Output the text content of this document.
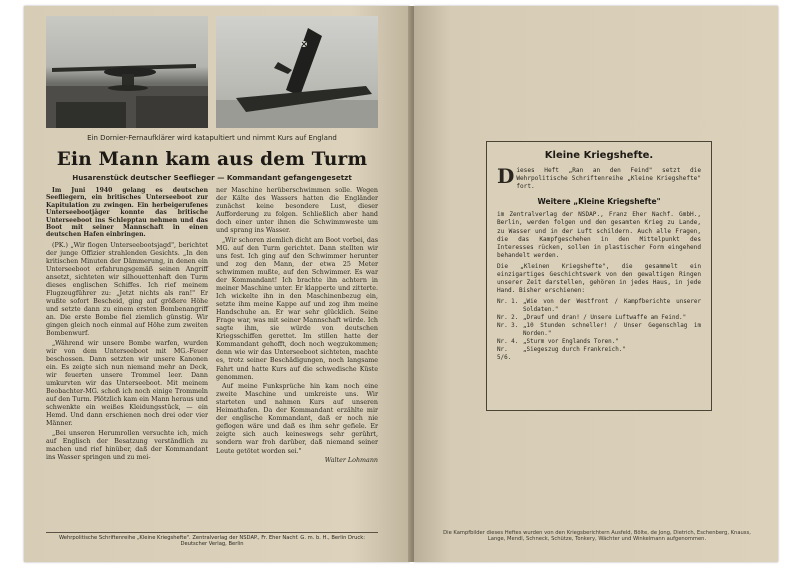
Ein Dornier-Fernaufklärer wird katapultiert und nimmt Kurs auf England
Ein Mann kam aus dem Turm
Husarenstück deutscher Seeflieger — Kommandant gefangengesetzt

Im Juni 1940 gelang es deutschen Seefliegern, ein britisches Unterseeboot zur Kapitulation zu zwingen. Ein herbeigerufenes Unterseebootjäger konnte das britische Unterseeboot ins Schlepptau nehmen und das Boot mit seiner Mannschaft in einen deutschen Hafen einbringen.

(PK.) „Wir flogen Unterseebootsjagd", berichtet der junge Offizier strahlenden Gesichts. „In den kritischen Minuten der Dämmerung, in denen ein Unterseeboot erfahrungsgemäß seinen Angriff ansetzt, sichteten wir silhouettenhaft den Turm dieses englischen Schiffes. Ich rief meinem Flugzeugführer zu: „Jetzt nichts als ran!" Er wußte sofort Bescheid, ging auf größere Höhe und setzte dann zu einem ersten Bombenangriff an. Die erste Bombe fiel ziemlich günstig. Wir gingen gleich noch einmal auf Höhe zum zweiten Bombenwurf.

„Während wir unsere Bombe warfen, wurden wir von dem Unterseeboot mit MG.-Feuer beschossen. Dann setzten wir unsere Kanonen ein. Es zeigte sich nun niemand mehr an Deck, wir feuerten unsere Trommel leer. Dann umkurvten wir das Unterseeboot. Mit meinem Beobachter-MG. schoß ich noch einige Trommeln auf den Turm. Plötzlich kam ein Mann heraus und schwenkte ein weißes Kleidungsstück, — ein Hemd. Und dann erschienen noch drei oder vier Männer.

„Bei unseren Herumrollen versuchte ich, mich auf Englisch der Besatzung verständlich zu machen und rief hinüber, daß der Kommandant ins Wasser springen und zu mei-

ner Maschine herüberschwimmen solle. Wegen der Kälte des Wassers hatten die Engländer zunächst keine besondere Lust, dieser Aufforderung zu folgen. Schließlich aber hand doch einer unter ihnen die Schwimmweste um und sprang ins Wasser.

„Wir schoren ziemlich dicht am Boot vorbei, das MG. auf den Turm gerichtet. Dann stellten wir uns fest. Ich ging auf den Schwimmer herunter und zog den Mann, der etwa 25 Meter schwimmen mußte, auf den Schwimmer. Es war der Kommandant! Ich brachte ihn achtern in meiner Maschine unter. Er klapperte und zitterte. Ich wickelte ihn in den Maschinenbezug ein, setzte ihm meine Kappe auf und zog ihm meine Handschuhe an. Er war sehr glücklich. Seine Frage war, was mit seiner Mannschaft würde. Ich sagte ihm, sie würde von deutschen Kriegsschiffen gerettet. Im stillen hatte der Kommandant gehofft, doch noch wegzukommen; denn wie wir das Unterseeboot sichteten, machte es, trotz seiner Beschädigungen, noch langsame Fahrt und hatte Kurs auf die schwedische Küste genommen.

Auf meine Funksprüche hin kam noch eine zweite Maschine und umkreiste uns. Wir starteten und nahmen Kurs auf unseren Heimathafen. Da der Kommandant erzählte mir der englische Kommandant, daß er noch nie geflogen wäre und daß es ihm sehr gefiele. Er zeigte sich auch keineswegs sehr gerührt, sondern war froh darüber, daß niemand seiner Leute getötet worden sei."

Walter Lohmann
Wehrpolitische Schriftenreihe „Kleine Kriegshefte". Zentralverlag der NSDAP., Fr. Eher Nachf. G. m. b. H., Berlin Druck: Deutscher Verlag, Berlin
Kleine Kriegshefte.

Dieses Heft „Ran an den Feind" setzt die Wehrpolitische Schriftenreihe „Kleine Kriegshefte" fort.

Weitere „Kleine Kriegshefte"

im Zentralverlag der NSDAP., Franz Eher Nachf. GmbH., Berlin, werden folgen und den gesamten Krieg zu Lande, zu Wasser und in der Luft schildern. Auch alle Fragen, die das Kampfgeschehen in den Mittelpunkt des Interesses rücken, sollen in plastischer Form eingehend behandelt werden.

Die „Kleinen Kriegshefte", die gesammelt ein einzigartiges Geschichtswerk von den gewaltigen Ringen unserer Zeit darstellen, gehören in jedes Haus, in jede Hand. Bisher erschienen:

Nr. 1. „Wie von der Westfront / Kampfberichte unserer Soldaten."
Nr. 2. „Drauf und dran! / Unsere Luftwaffe am Feind."
Nr. 3. „10 Stunden schneller! / Unser Gegenschlag im Norden."
Nr. 4. „Sturm vor Englands Toren."
Nr. 5/6.
„Siegeszug durch Frankreich."
Die Kampfbilder dieses Heftes wurden von den Kriegsberichtern Ausfeld, Bölte, de Jong, Dietrich, Eschenberg, Knauss, Lange, Mendl, Schneck, Schütze, Tonkery, Wächter und Winkelmann aufgenommen.
